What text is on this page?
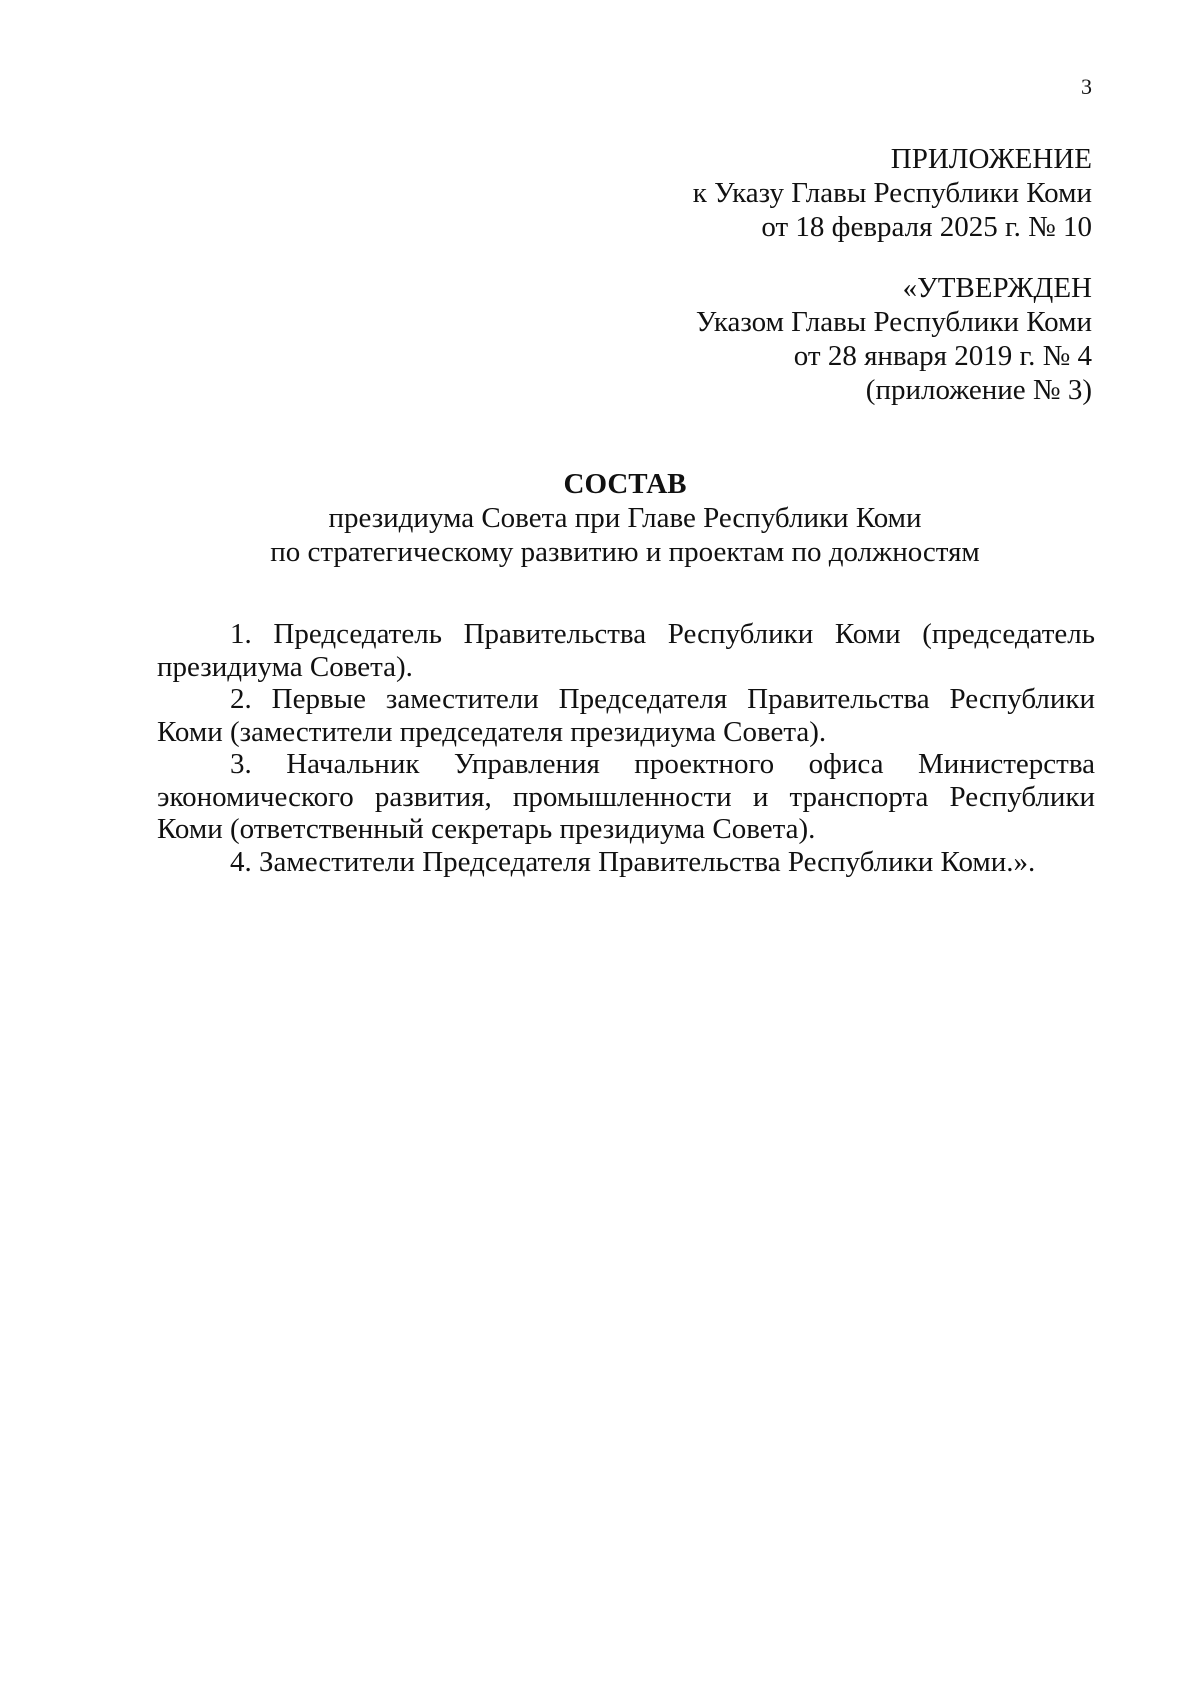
3
ПРИЛОЖЕНИЕ
к Указу Главы Республики Коми
от 18 февраля 2025 г. № 10
«УТВЕРЖДЕН
Указом Главы Республики Коми
от 28 января 2019 г. № 4
(приложение № 3)
СОСТАВ
президиума Совета при Главе Республики Коми
по стратегическому развитию и проектам по должностям

1. Председатель Правительства Республики Коми (председатель президиума Совета).

2. Первые заместители Председателя Правительства Республики Коми (заместители председателя президиума Совета).

3. Начальник Управления проектного офиса Министерства экономического развития, промышленности и транспорта Республики Коми (ответственный секретарь президиума Совета).

4. Заместители Председателя Правительства Республики Коми.».
